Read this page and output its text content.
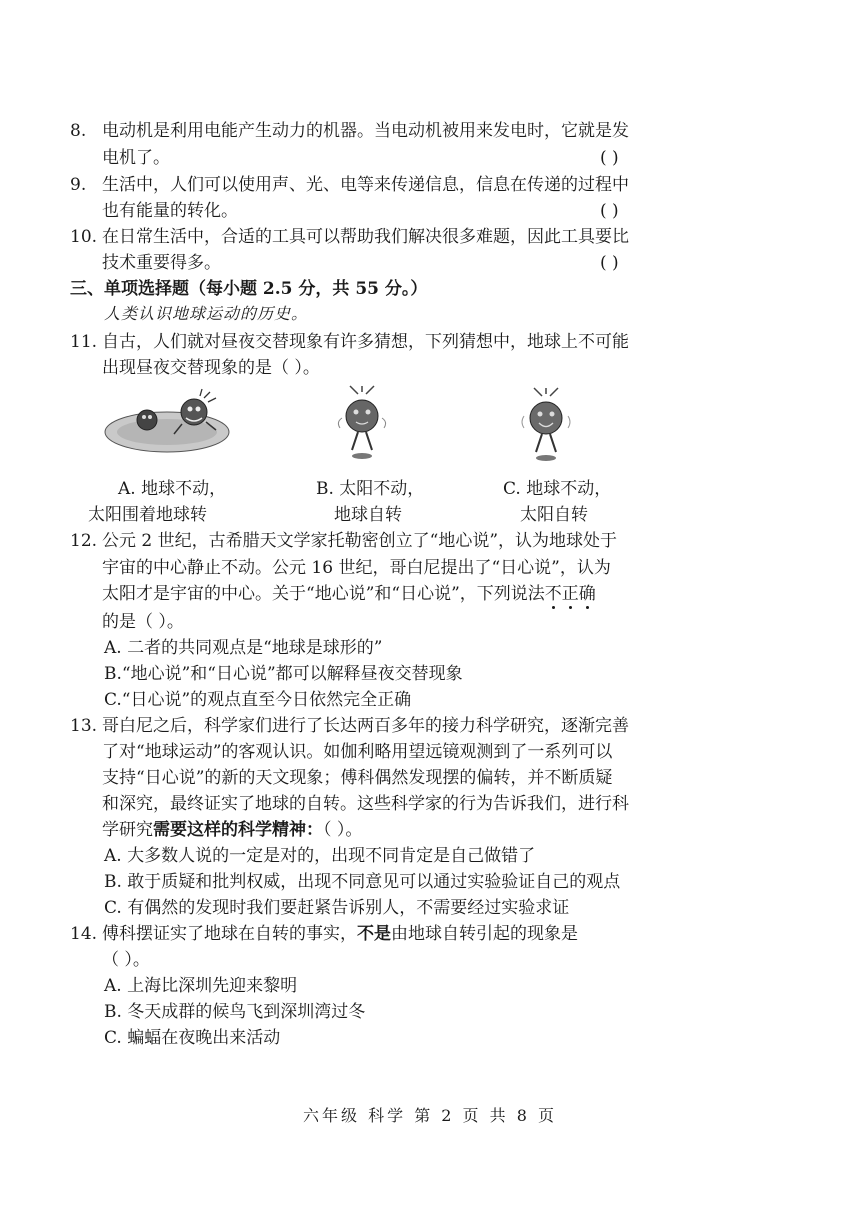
8. 电动机是利用电能产生动力的机器。当电动机被用来发电时，它就是发
电机了。	( )
9. 生活中，人们可以使用声、光、电等来传递信息，信息在传递的过程中
也有能量的转化。	( )
10. 在日常生活中，合适的工具可以帮助我们解决很多难题，因此工具要比
技术重要得多。	( )
三、单项选择题（每小题 2.5 分，共 55 分。）
人类认识地球运动的历史。
11. 自古，人们就对昼夜交替现象有许多猜想，下列猜想中，地球上不可能
出现昼夜交替现象的是（ ）。
A. 地球不动，
太阳围着地球转
B. 太阳不动，
地球自转
C. 地球不动，
太阳自转
12. 公元 2 世纪，古希腊天文学家托勒密创立了“地心说”，认为地球处于
宇宙的中心静止不动。公元 16 世纪，哥白尼提出了“日心说”，认为
太阳才是宇宙的中心。关于“地心说”和“日心说”，下列说法不正确
的是（ ）。
A. 二者的共同观点是“地球是球形的”
B.“地心说”和“日心说”都可以解释昼夜交替现象
C.“日心说”的观点直至今日依然完全正确
13. 哥白尼之后，科学家们进行了长达两百多年的接力科学研究，逐渐完善
了对“地球运动”的客观认识。如伽利略用望远镜观测到了一系列可以
支持“日心说”的新的天文现象；傅科偶然发现摆的偏转，并不断质疑
和深究，最终证实了地球的自转。这些科学家的行为告诉我们，进行科
学研究需要这样的科学精神：（ ）。
A. 大多数人说的一定是对的，出现不同肯定是自己做错了
B. 敢于质疑和批判权威，出现不同意见可以通过实验验证自己的观点
C. 有偶然的发现时我们要赶紧告诉别人，不需要经过实验求证
14. 傅科摆证实了地球在自转的事实，不是由地球自转引起的现象是
（ ）。
A. 上海比深圳先迎来黎明
B. 冬天成群的候鸟飞到深圳湾过冬
C. 蝙蝠在夜晚出来活动
六年级 科学 第 2 页 共 8 页
